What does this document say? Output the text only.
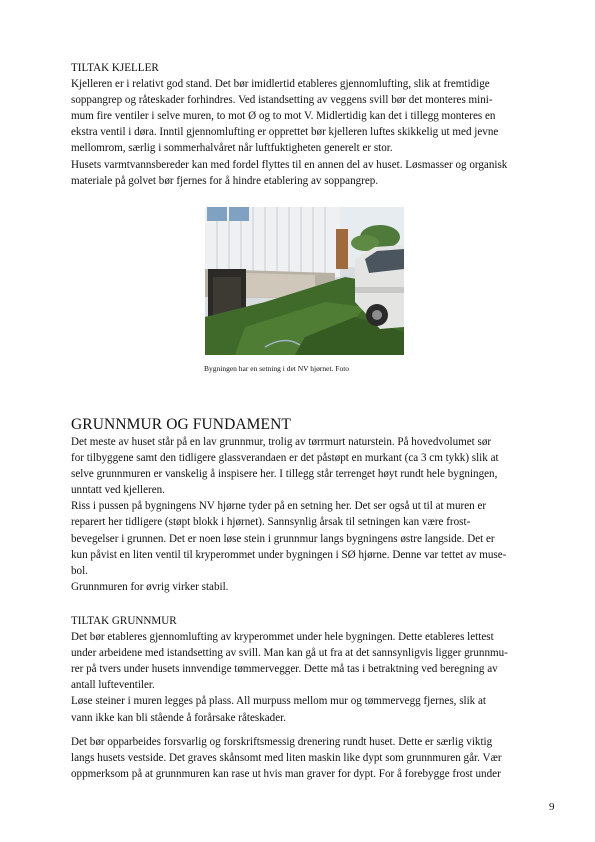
TILTAK KJELLER
Kjelleren er i relativt god stand. Det bør imidlertid etableres gjennomlufting, slik at fremtidige
soppangrep og råteskader forhindres. Ved istandsetting av veggens svill bør det monteres mini-
mum fire ventiler i selve muren, to mot Ø og to mot V. Midlertidig kan det i tillegg monteres en
ekstra ventil i døra. Inntil gjennomlufting er opprettet bør kjelleren luftes skikkelig ut med jevne
mellomrom, særlig i sommerhalvåret når luftfuktigheten generelt er stor.
Husets varmtvannsbereder kan med fordel flyttes til en annen del av huset. Løsmasser og organisk
materiale på golvet bør fjernes for å hindre etablering av soppangrep.

Bygningen har en setning i det NV hjørnet. Foto

GRUNNMUR OG FUNDAMENT
Det meste av huset står på en lav grunnmur, trolig av tørrmurt naturstein. På hovedvolumet sør
for tilbyggene samt den tidligere glassverandaen er det påstøpt en murkant (ca 3 cm tykk) slik at
selve grunnmuren er vanskelig å inspisere her. I tillegg står terrenget høyt rundt hele bygningen,
unntatt ved kjelleren.
Riss i pussen på bygningens NV hjørne tyder på en setning her. Det ser også ut til at muren er
reparert her tidligere (støpt blokk i hjørnet). Sannsynlig årsak til setningen kan være frost-
bevegelser i grunnen. Det er noen løse stein i grunnmur langs bygningens østre langside. Det er
kun påvist en liten ventil til kryperommet under bygningen i SØ hjørne. Denne var tettet av muse-
bol.
Grunnmuren for øvrig virker stabil.
TILTAK GRUNNMUR
Det bør etableres gjennomlufting av kryperommet under hele bygningen. Dette etableres lettest
under arbeidene med istandsetting av svill. Man kan gå ut fra at det sannsynligvis ligger grunnmu-
rer på tvers under husets innvendige tømmervegger. Dette må tas i betraktning ved beregning av
antall lufteventiler.
Løse steiner i muren legges på plass. All murpuss mellom mur og tømmervegg fjernes, slik at
vann ikke kan bli stående å forårsake råteskader.
Det bør opparbeides forsvarlig og forskriftsmessig drenering rundt huset. Dette er særlig viktig
langs husets vestside. Det graves skånsomt med liten maskin like dypt som grunnmuren går. Vær
oppmerksom på at grunnmuren kan rase ut hvis man graver for dypt. For å forebygge frost under
9
